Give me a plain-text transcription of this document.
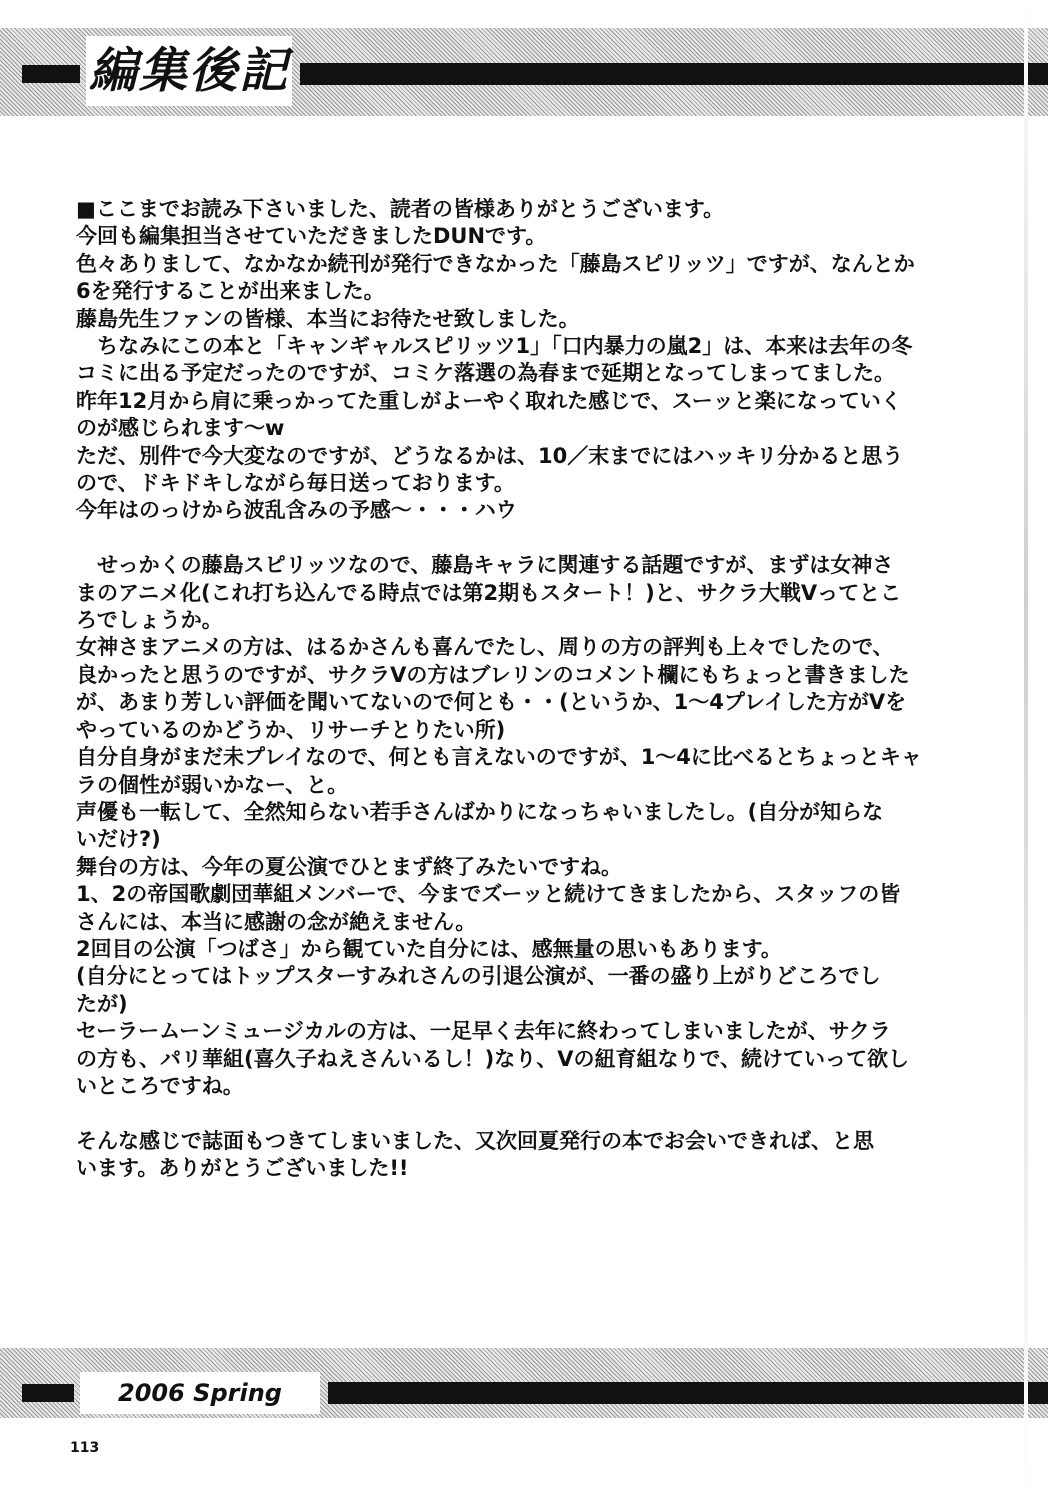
編集後記

■ここまでお読み下さいました、読者の皆様ありがとうございます。

今回も編集担当させていただきましたDUNです。

色々ありまして、なかなか続刊が発行できなかった「藤島スピリッツ」ですが、なんとか

6を発行することが出来ました。

藤島先生ファンの皆様、本当にお待たせ致しました。

　ちなみにこの本と「キャンギャルスピリッツ1」「口内暴力の嵐2」は、本来は去年の冬

コミに出る予定だったのですが、コミケ落選の為春まで延期となってしまってました。

昨年12月から肩に乗っかってた重しがよーやく取れた感じで、スーッと楽になっていく

のが感じられます～w

ただ、別件で今大変なのですが、どうなるかは、10／末までにはハッキリ分かると思う

ので、ドキドキしながら毎日送っております。

今年はのっけから波乱含みの予感～・・・ハウ

　せっかくの藤島スピリッツなので、藤島キャラに関連する話題ですが、まずは女神さ

まのアニメ化(これ打ち込んでる時点では第2期もスタート！)と、サクラ大戦Vってとこ

ろでしょうか。

女神さまアニメの方は、はるかさんも喜んでたし、周りの方の評判も上々でしたので、

良かったと思うのですが、サクラVの方はブレリンのコメント欄にもちょっと書きました

が、あまり芳しい評価を聞いてないので何とも・・(というか、1～4プレイした方がVを

やっているのかどうか、リサーチとりたい所)

自分自身がまだ未プレイなので、何とも言えないのですが、1～4に比べるとちょっとキャ

ラの個性が弱いかなー、と。

声優も一転して、全然知らない若手さんばかりになっちゃいましたし。(自分が知らな

いだけ?)

舞台の方は、今年の夏公演でひとまず終了みたいですね。

1、2の帝国歌劇団華組メンバーで、今までズーッと続けてきましたから、スタッフの皆

さんには、本当に感謝の念が絶えません。

2回目の公演「つばさ」から観ていた自分には、感無量の思いもあります。

(自分にとってはトップスターすみれさんの引退公演が、一番の盛り上がりどころでし

たが)

セーラームーンミュージカルの方は、一足早く去年に終わってしまいましたが、サクラ

の方も、パリ華組(喜久子ねえさんいるし！)なり、Vの紐育組なりで、続けていって欲し

いところですね。

そんな感じで誌面もつきてしまいました、又次回夏発行の本でお会いできれば、と思

います。ありがとうございました!!

2006 Spring
113
